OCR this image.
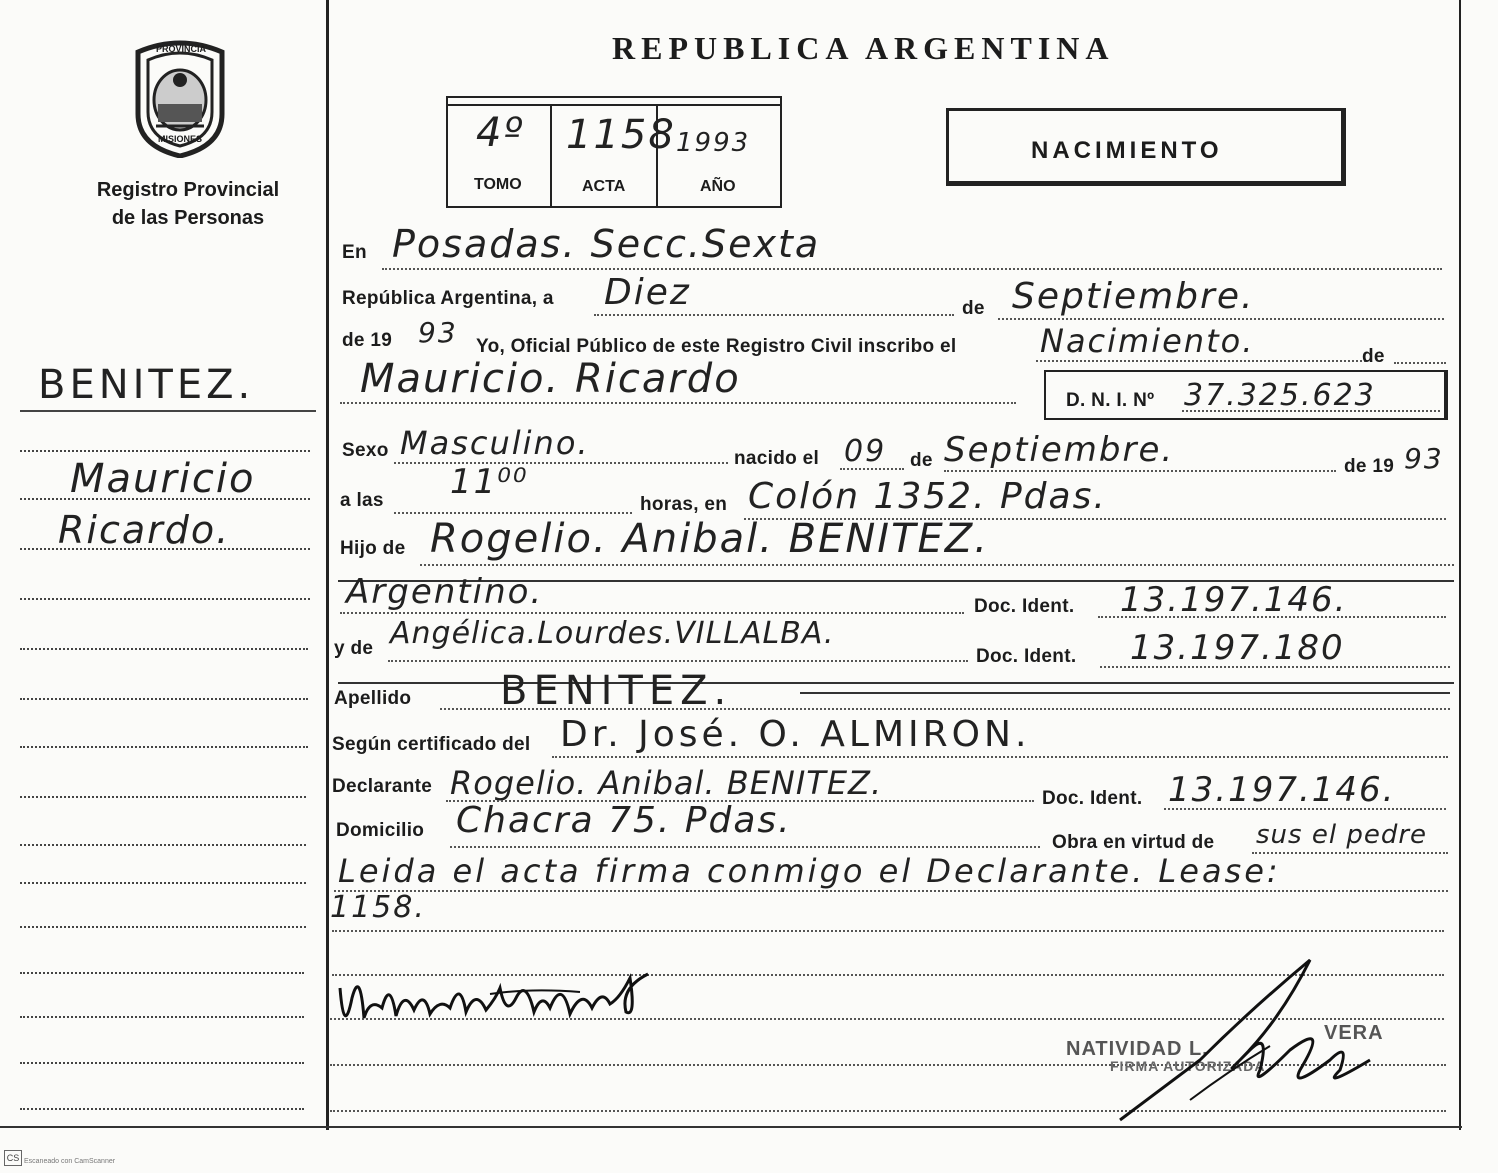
PROVINCIA
MISIONES
Registro Provincial
de las Personas
REPUBLICA ARGENTINA
4º 1158 1993
TOMO	ACTA	AÑO
NACIMIENTO
BENITEZ.
Mauricio
Ricardo.
En Posadas. Secc.Sexta
República Argentina, a Diez	de Septiembre.
de 19 93 Yo, Oficial Público de este Registro Civil inscribo el	Nacimiento.	de
Mauricio. Ricardo	D. N. I. Nº 37.325.623
Sexo Masculino.	nacido el 09 de Septiembre.	de 19 93
a las 11⁰⁰
horas, en Colón 1352. Pdas.
Hijo de Rogelio. Anibal. BENITEZ.
Argentino.	Doc. Ident. 13.197.146.
y de Angélica.Lourdes.VILLALBA.
Doc. Ident. 13.197.180
Apellido BENITEZ.
Según certificado del Dr. José. O. ALMIRON.
Declarante Rogelio. Anibal. BENITEZ.	Doc. Ident. 13.197.146.
Domicilio Chacra 75. Pdas.
Obra en virtud de sus el pedre
Leida el acta firma conmigo el Declarante. Lease:
1158.
NATIVIDAD L.
VERA
FIRMA AUTORIZADA
CS Escaneado con CamScanner
